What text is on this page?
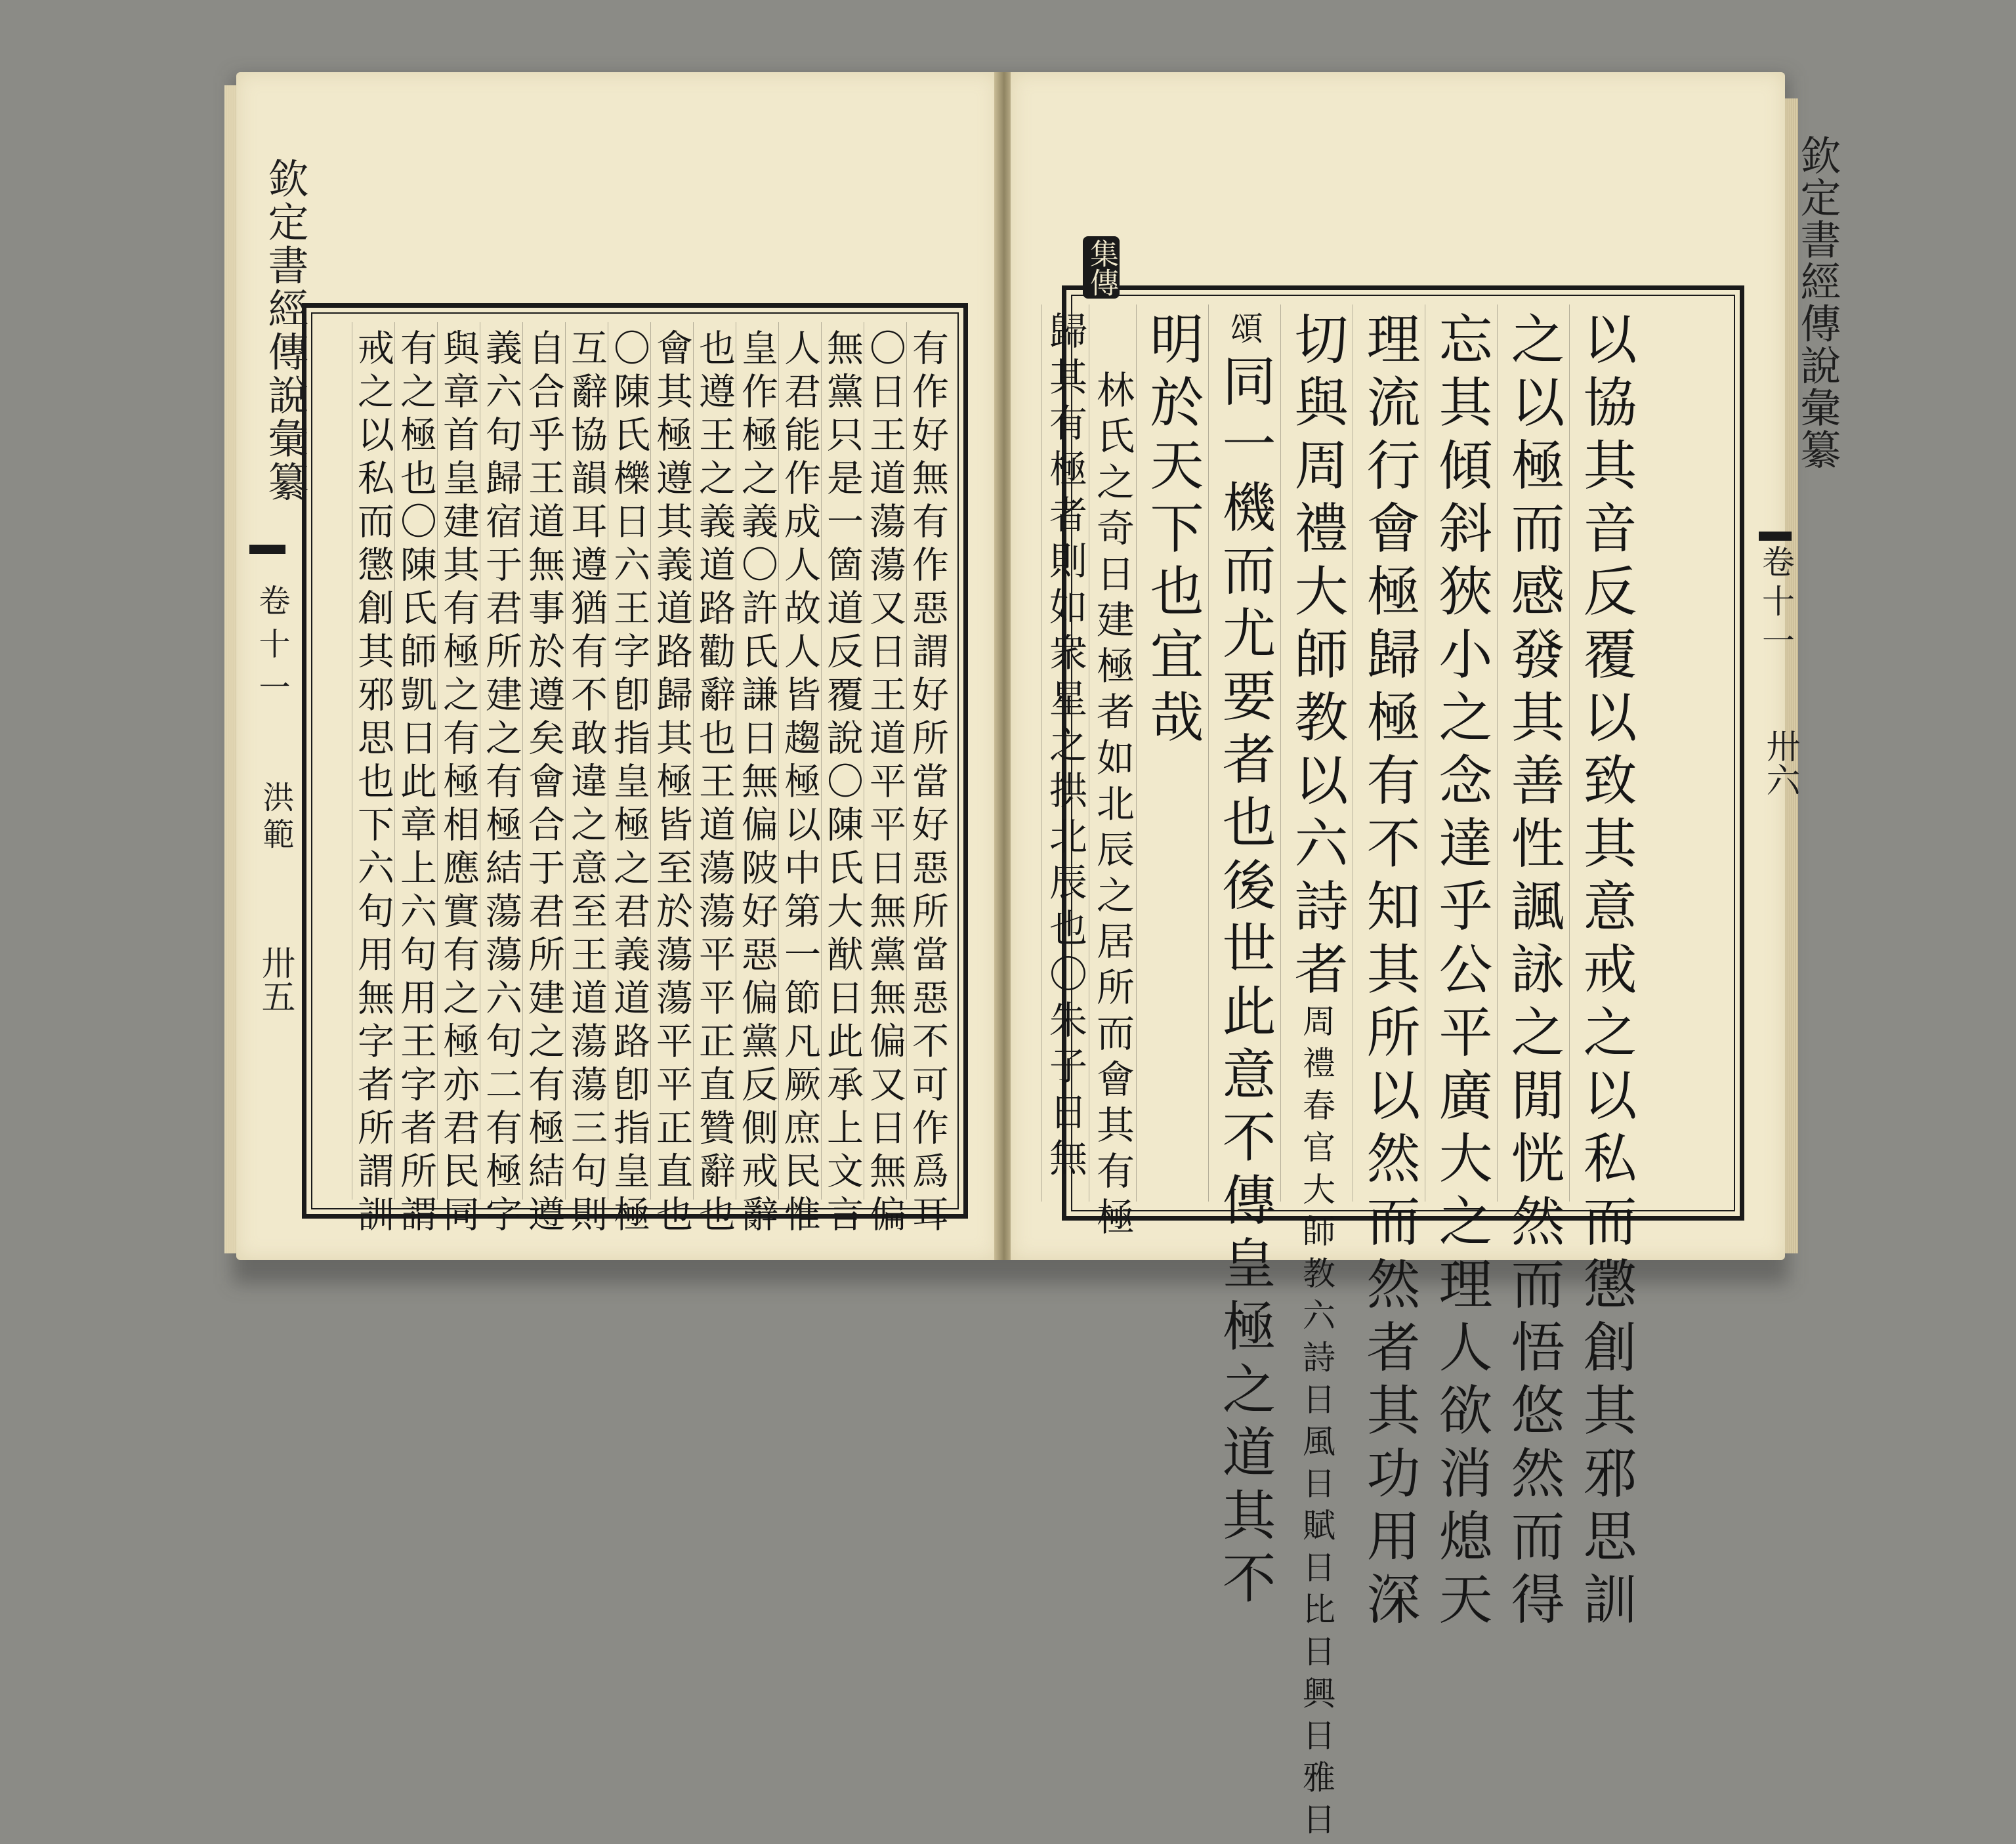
欽定書經傳說彙纂
卷十一
洪範
卅五	有作好無有作惡謂好所當好惡所當惡不可作爲耳
〇日王道蕩蕩又日王道平平日無黨無偏又日無偏
無黨只是一箇道反覆說〇陳氏大猷日此承上文言
人君能作成人故人皆趨極以中第一節凡厥庶民惟
皇作極之義〇許氏謙日無偏陂好惡偏黨反側戒辭
也遵王之義道路勸辭也王道蕩蕩平平正直贊辭也
會其極遵其義道路歸其極皆至於蕩蕩平平正直也
〇陳氏櫟日六王字卽指皇極之君義道路卽指皇極
互辭協韻耳遵猶有不敢違之意至王道蕩蕩三句則
自合乎王道無事於遵矣會合于君所建之有極結遵
義六句歸宿于君所建之有極結蕩蕩六句二有極字
與章首皇建其有極之有極相應實有之極亦君民同
有之極也〇陳氏師凱日此章上六句用王字者所謂
戒之以私而懲創其邪思也下六句用無字者所謂訓
欽定書經傳說彙纂
卷十一
卅六
以協其音反覆以致其意戒之以私而懲創其邪思訓
之以極而感發其善性諷詠之閒恍然而悟悠然而得
忘其傾斜狹小之念達乎公平廣大之理人欲消熄天
理流行會極歸極有不知其所以然而然者其功用深
切與周禮大師教以六詩者周禮春官大師教六詩日風日賦日比日興日雅日
頌同一機而尤要者也後世此意不傳皇極之道其不
明於天下也宜哉
林氏之奇日建極者如北辰之居所而會其有極
歸其有極者則如衆星之拱北辰也〇朱子日無
集傳
